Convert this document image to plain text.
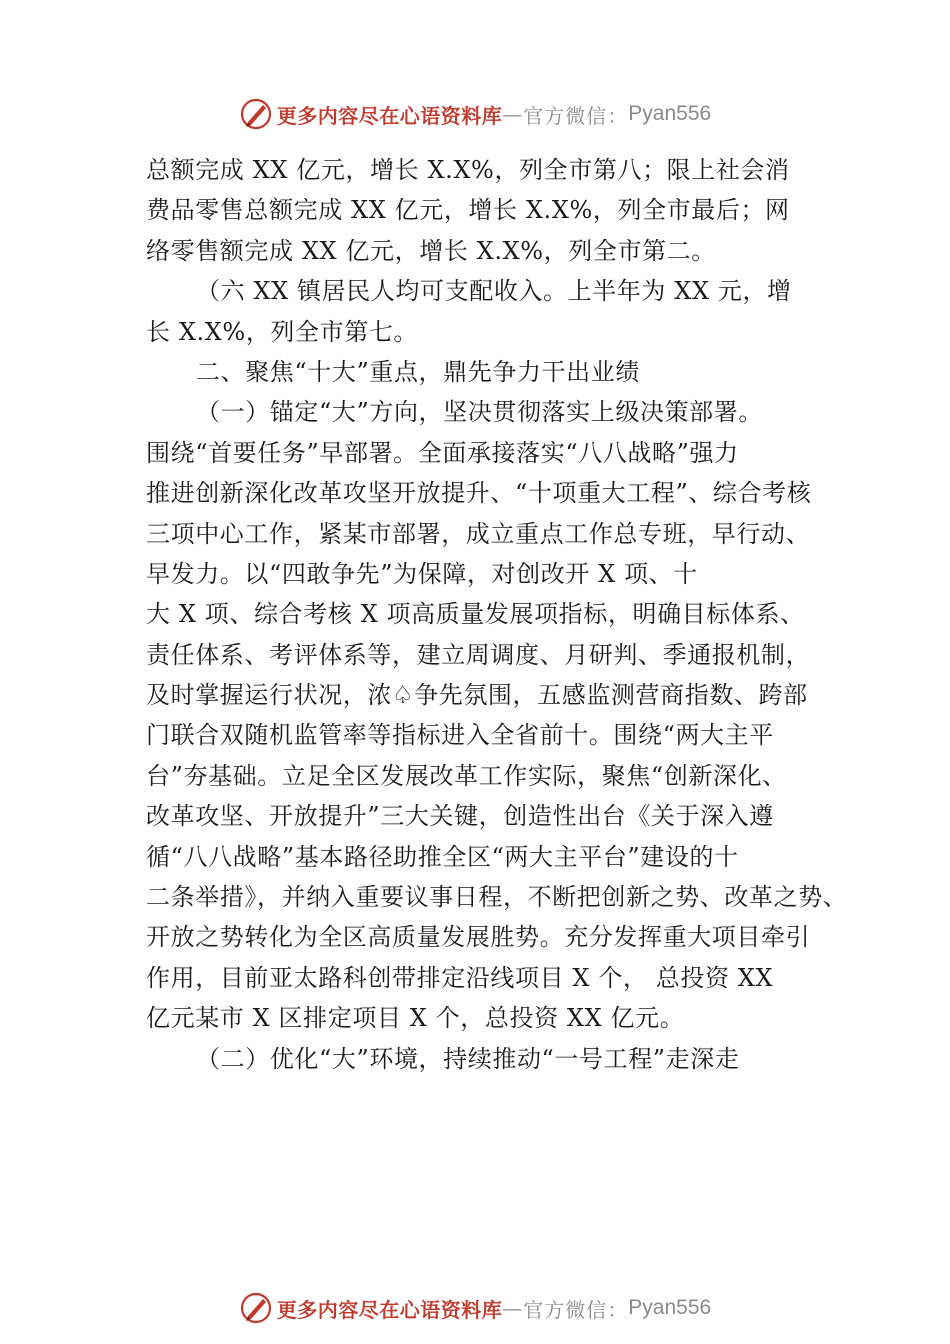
更多内容尽在心语资料库 — 官方微信： Pyan556
总额完成 XX 亿元，增长 X.X%，列全市第八；限上社会消
费品零售总额完成 XX 亿元，增长 X.X%，列全市最后；网
络零售额完成 XX 亿元，增长 X.X%，列全市第二。
（六 XX 镇居民人均可支配收入。上半年为 XX 元，增
长 X.X%，列全市第七。
二、聚焦“十大”重点，鼎先争力干出业绩
（一）锚定“大”方向，坚决贯彻落实上级决策部署。
围绕“首要任务”早部署。全面承接落实“八八战略”强力
推进创新深化改革攻坚开放提升、“十项重大工程”、综合考核
三项中心工作，紧某市部署，成立重点工作总专班，早行动、
早发力。以“四敢争先”为保障，对创改开 X 项、十
大 X 项、综合考核 X 项高质量发展项指标，明确目标体系、
责任体系、考评体系等，建立周调度、月研判、季通报机制，
及时掌握运行状况，浓♤争先氛围，五感监测营商指数、跨部
门联合双随机监管率等指标进入全省前十。围绕“两大主平
台”夯基础。立足全区发展改革工作实际，聚焦“创新深化、
改革攻坚、开放提升”三大关键，创造性出台《关于深入遵
循“八八战略”基本路径助推全区“两大主平台”建设的十
二条举措》，并纳入重要议事日程，不断把创新之势、改革之势、
开放之势转化为全区高质量发展胜势。充分发挥重大项目牵引
作用，目前亚太路科创带排定沿线项目 X 个， 总投资 XX
亿元某市 X 区排定项目 X 个，总投资 XX 亿元。
（二）优化“大”环境，持续推动“一号工程”走深走
更多内容尽在心语资料库 — 官方微信： Pyan556
